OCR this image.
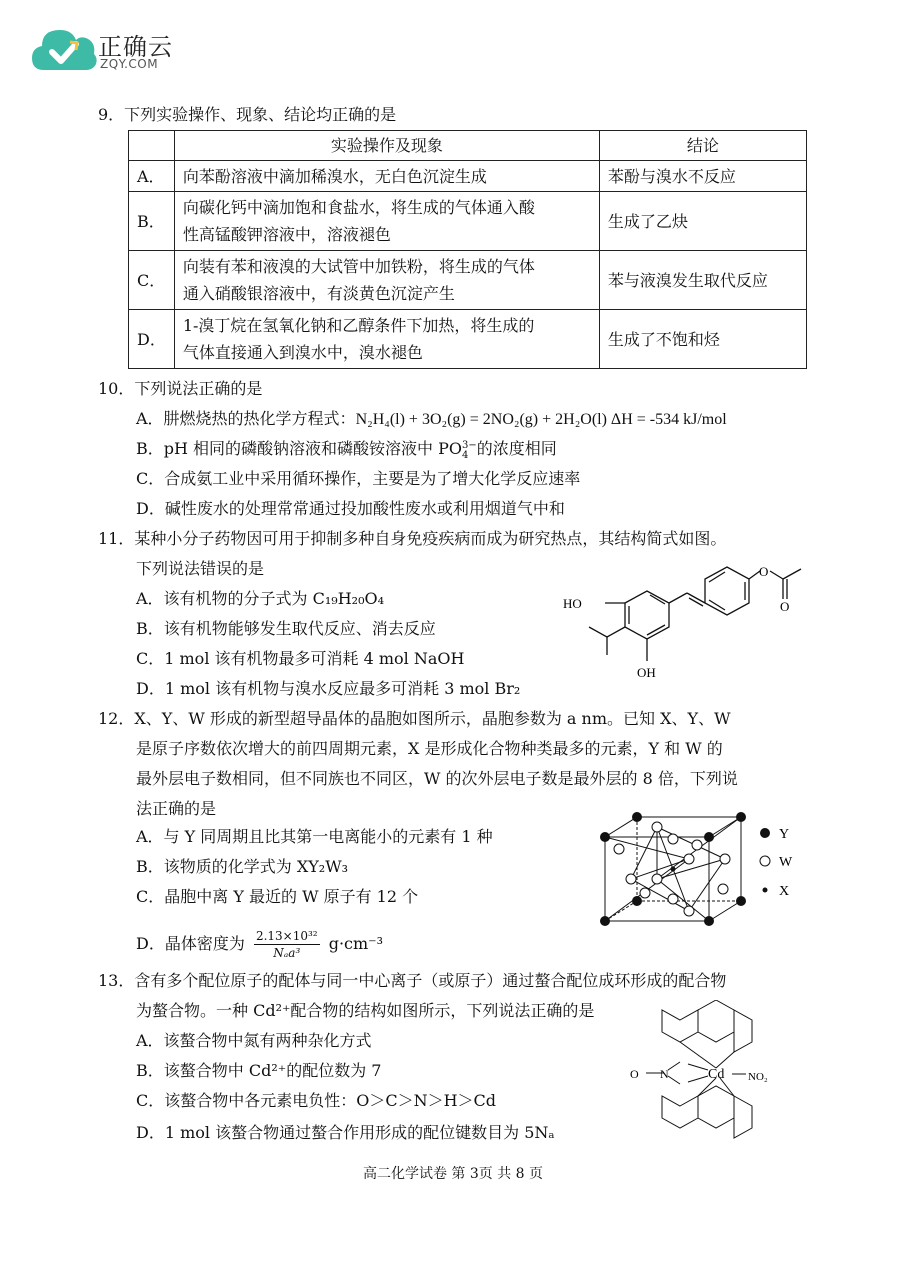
正确云
ZQY.COM
9．下列实验操作、现象、结论均正确的是
	实验操作及现象	结论
A．	向苯酚溶液中滴加稀溴水，无白色沉淀生成	苯酚与溴水不反应
B．	向碳化钙中滴加饱和食盐水，将生成的气体通入酸
性高锰酸钾溶液中，溶液褪色	生成了乙炔
C．	向装有苯和液溴的大试管中加铁粉，将生成的气体
通入硝酸银溶液中，有淡黄色沉淀产生	苯与液溴发生取代反应
D．	1-溴丁烷在氢氧化钠和乙醇条件下加热，将生成的
气体直接通入到溴水中，溴水褪色	生成了不饱和烃
10．下列说法正确的是
A．肼燃烧热的热化学方程式：N₂H₄(l) + 3O₂(g) = 2NO₂(g) + 2H₂O(l) ΔH = -534 kJ/mol
B．pH 相同的磷酸钠溶液和磷酸铵溶液中 PO 3−
4 的浓度相同
C．合成氨工业中采用循环操作，主要是为了增大化学反应速率
D．碱性废水的处理常常通过投加酸性废水或利用烟道气中和
11．某种小分子药物因可用于抑制多种自身免疫疾病而成为研究热点，其结构简式如图。
下列说法错误的是
A．该有机物的分子式为 C₁₉H₂₀O₄
B．该有机物能够发生取代反应、消去反应
C．1 mol 该有机物最多可消耗 4 mol NaOH
D．1 mol 该有机物与溴水反应最多可消耗 3 mol Br₂
HO
OH
O
O
12．X、Y、W 形成的新型超导晶体的晶胞如图所示，晶胞参数为 a nm。已知 X、Y、W
是原子序数依次增大的前四周期元素，X 是形成化合物种类最多的元素，Y 和 W 的
最外层电子数相同，但不同族也不同区，W 的次外层电子数是最外层的 8 倍，下列说
法正确的是
A．与 Y 同周期且比其第一电离能小的元素有 1 种
B．该物质的化学式为 XY₂W₃
C．晶胞中离 Y 最近的 W 原子有 12 个
D．晶体密度为 2.13×10³²
Nₐa³	g·cm⁻³
Y
W
X
13．含有多个配位原子的配体与同一中心离子（或原子）通过螯合配位成环形成的配合物
为螯合物。一种 Cd²⁺配合物的结构如图所示，下列说法正确的是
A．该螯合物中氮有两种杂化方式
B．该螯合物中 Cd²⁺的配位数为 7
C．该螯合物中各元素电负性：O＞C＞N＞H＞Cd
D．1 mol 该螯合物通过螯合作用形成的配位键数目为 5Nₐ
Cd NO₂
O N
高二化学试卷 第 3页 共 8 页
